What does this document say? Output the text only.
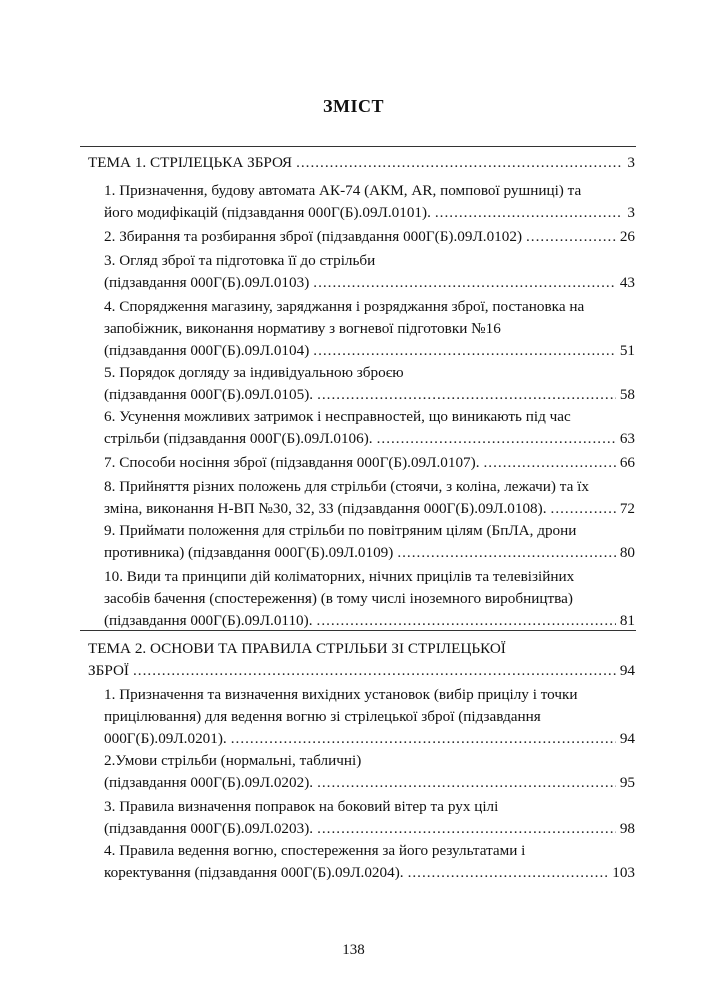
ЗМІСТ
ТЕМА 1. СТРІЛЕЦЬКА ЗБРОЯ .....	3
1. Призначення, будову автомата АК-74 (АКМ, AR, помпової рушниці) та
його модифікацій (підзавдання 000Г(Б).09Л.0101). .....	3
2. Збирання та розбирання зброї (підзавдання 000Г(Б).09Л.0102) .....	26
3. Огляд зброї та підготовка її до стрільби
(підзавдання 000Г(Б).09Л.0103) .....	43
4. Спорядження магазину, заряджання і розряджання зброї, постановка на
запобіжник, виконання нормативу з вогневої підготовки №16
(підзавдання 000Г(Б).09Л.0104) .....	51
5. Порядок догляду за індивідуальною зброєю
(підзавдання 000Г(Б).09Л.0105). .....	58
6. Усунення можливих затримок і несправностей, що виникають під час
стрільби (підзавдання 000Г(Б).09Л.0106). .....	63
7. Способи носіння зброї (підзавдання 000Г(Б).09Л.0107). .....	66
8. Прийняття різних положень для стрільби (стоячи, з коліна, лежачи) та їх
зміна, виконання Н-ВП №30, 32, 33 (підзавдання 000Г(Б).09Л.0108). .....	72
9. Приймати положення для стрільби по повітряним цілям (БпЛА, дрони
противника) (підзавдання 000Г(Б).09Л.0109) .....	80
10. Види та принципи дій коліматорних, нічних прицілів та телевізійних
засобів бачення (спостереження) (в тому числі іноземного виробництва)
(підзавдання 000Г(Б).09Л.0110). .....	81
ТЕМА 2. ОСНОВИ ТА ПРАВИЛА СТРІЛЬБИ ЗІ СТРІЛЕЦЬКОЇ
ЗБРОЇ .....	94
1. Призначення та визначення вихідних установок (вибір прицілу і точки
прицілювання) для ведення вогню зі стрілецької зброї (підзавдання
000Г(Б).09Л.0201). .....	94
2.Умови стрільби (нормальні, табличні)
(підзавдання 000Г(Б).09Л.0202). .....	95
3. Правила визначення поправок на боковий вітер та рух цілі
(підзавдання 000Г(Б).09Л.0203). .....	98
4. Правила ведення вогню, спостереження за його результатами і
коректування (підзавдання 000Г(Б).09Л.0204). .....	103
138
